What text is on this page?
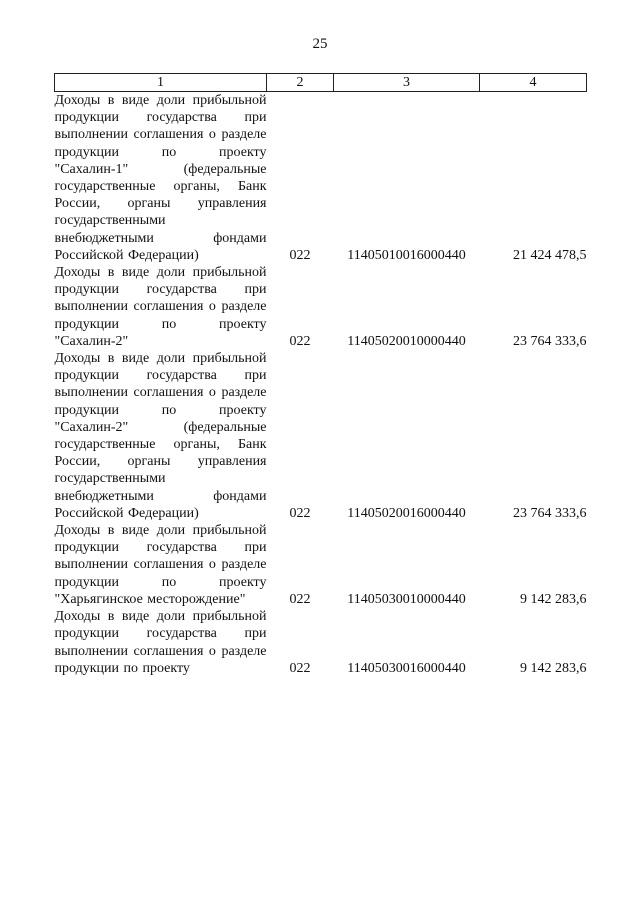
25
1	2	3	4
Доходы в виде доли прибыльной продукции государства при выполнении соглашения о разделе продукции по проекту "Сахалин-1" (федеральные государственные органы, Банк России, органы управления государственными внебюджетными фондами Российской Федерации)	022	11405010016000440	21 424 478,5
Доходы в виде доли прибыльной продукции государства при выполнении соглашения о разделе продукции по проекту "Сахалин-2"	022	11405020010000440	23 764 333,6
Доходы в виде доли прибыльной продукции государства при выполнении соглашения о разделе продукции по проекту "Сахалин-2" (федеральные государственные органы, Банк России, органы управления государственными внебюджетными фондами Российской Федерации)	022	11405020016000440	23 764 333,6
Доходы в виде доли прибыльной продукции государства при выполнении соглашения о разделе продукции по проекту "Харьягинское месторождение"	022	11405030010000440	9 142 283,6
Доходы в виде доли прибыльной продукции государства при выполнении соглашения о разделе продукции по проекту	022	11405030016000440	9 142 283,6
